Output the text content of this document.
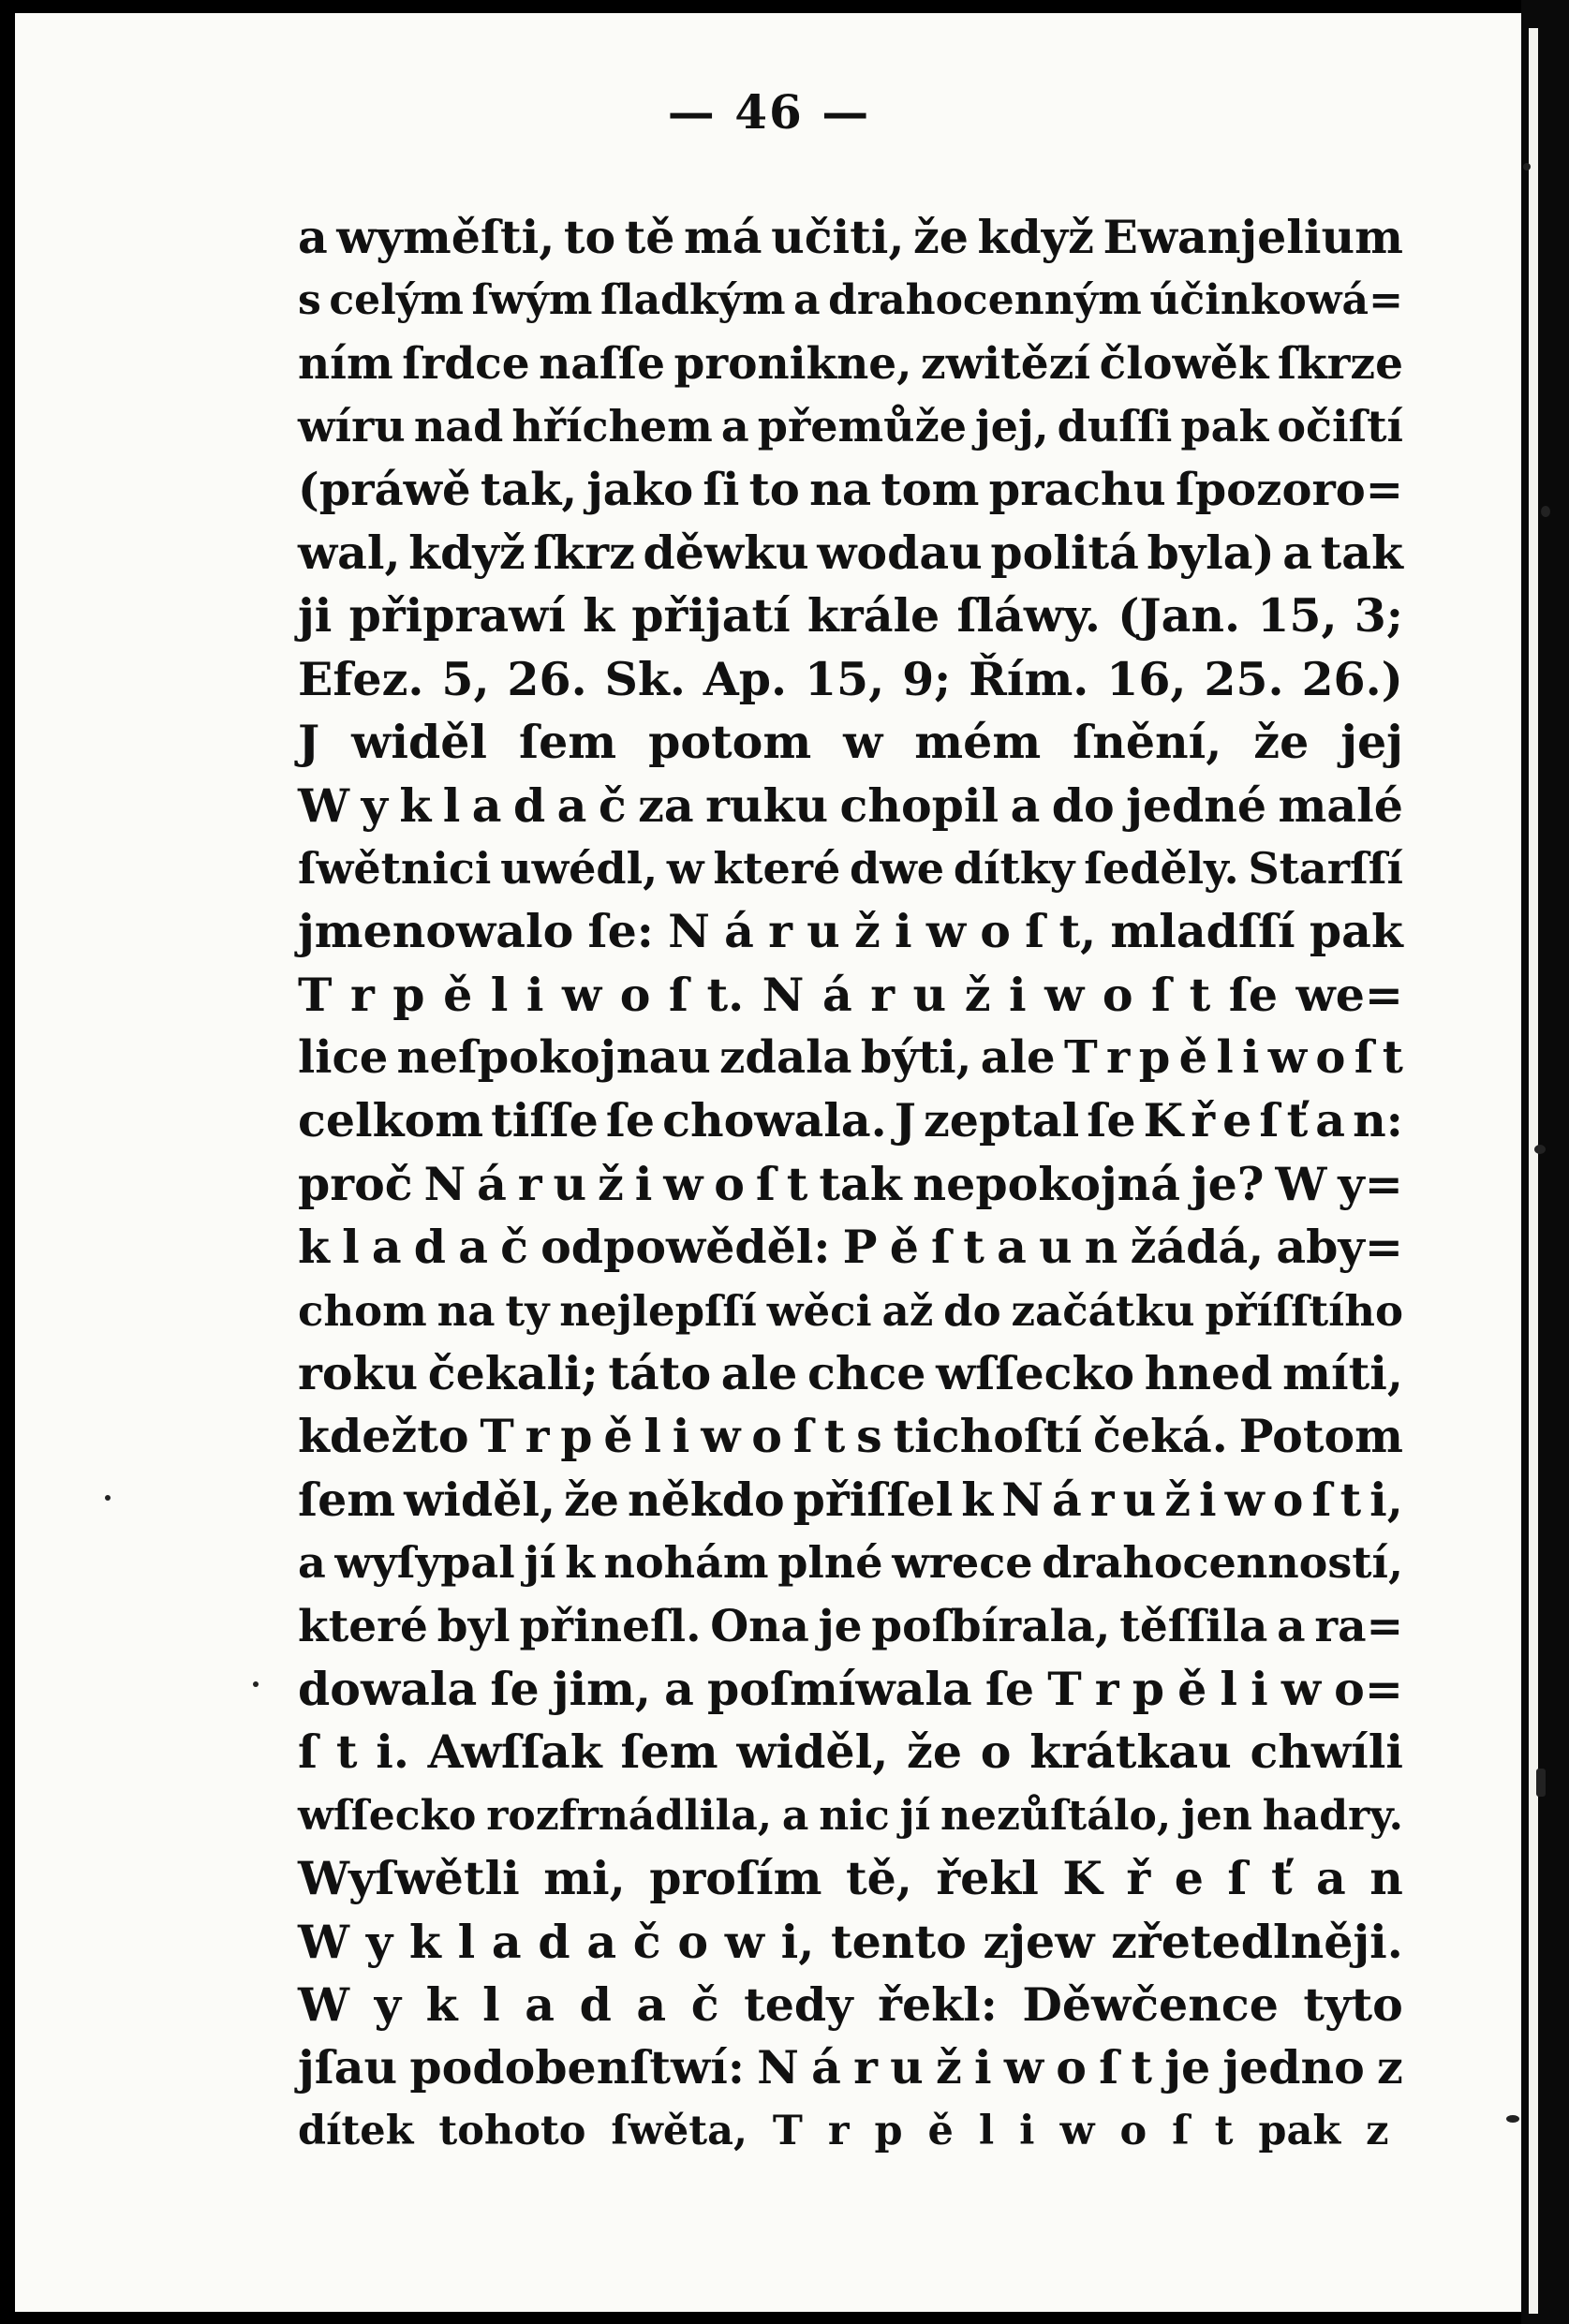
— 46 —
a wyměſti, to tě má učiti, že když Ewanjelium
s celým ſwým ſladkým a drahocenným účinkowá=
ním ſrdce naſſe pronikne, zwitězí člowěk ſkrze
wíru nad hříchem a přemůže jej, duſſi pak očiſtí
(práwě tak, jako ſi to na tom prachu ſpozoro=
wal, když ſkrz děwku wodau politá byla) a tak
ji připrawí k přijatí krále ſláwy. (Jan. 15, 3;
Efez. 5, 26. Sk. Ap. 15, 9; Řím. 16, 25. 26.)
J widěl ſem potom w mém ſnění, že jej
W y k l a d a č za ruku chopil a do jedné malé
ſwětnici uwédl, w které dwe dítky ſeděly. Starſſí
jmenowalo ſe: N á r u ž i w o ſ t, mladſſí pak
T r p ě l i w o ſ t. N á r u ž i w o ſ t ſe we=
lice neſpokojnau zdala býti, ale T r p ě l i w o ſ t
celkom tiſſe ſe chowala. J zeptal ſe K ř e ſ ť a n:
proč N á r u ž i w o ſ t tak nepokojná je? W y=
k l a d a č odpowěděl: P ě ſ t a u n žádá, aby=
chom na ty nejlepſſí wěci až do začátku příſſtího
roku čekali; táto ale chce wſſecko hned míti,
kdežto T r p ě l i w o ſ t s tichoſtí čeká. Potom
ſem widěl, že někdo přiſſel k N á r u ž i w o ſ t i,
a wyſypal jí k nohám plné wrece drahocenností,
které byl přineſl. Ona je poſbírala, těſſila a ra=
dowala ſe jim, a poſmíwala ſe T r p ě l i w o=
ſ t i. Awſſak ſem widěl, že o krátkau chwíli
wſſecko rozfrnádlila, a nic jí nezůſtálo, jen hadry.
Wyſwětli mi, proſím tě, řekl K ř e ſ ť a n
W y k l a d a č o w i, tento zjew zřetedlněji.
W y k l a d a č tedy řekl: Děwčence tyto
jſau podobenſtwí: N á r u ž i w o ſ t je jedno z
dítek tohoto ſwěta, T r p ě l i w o ſ t pak z
